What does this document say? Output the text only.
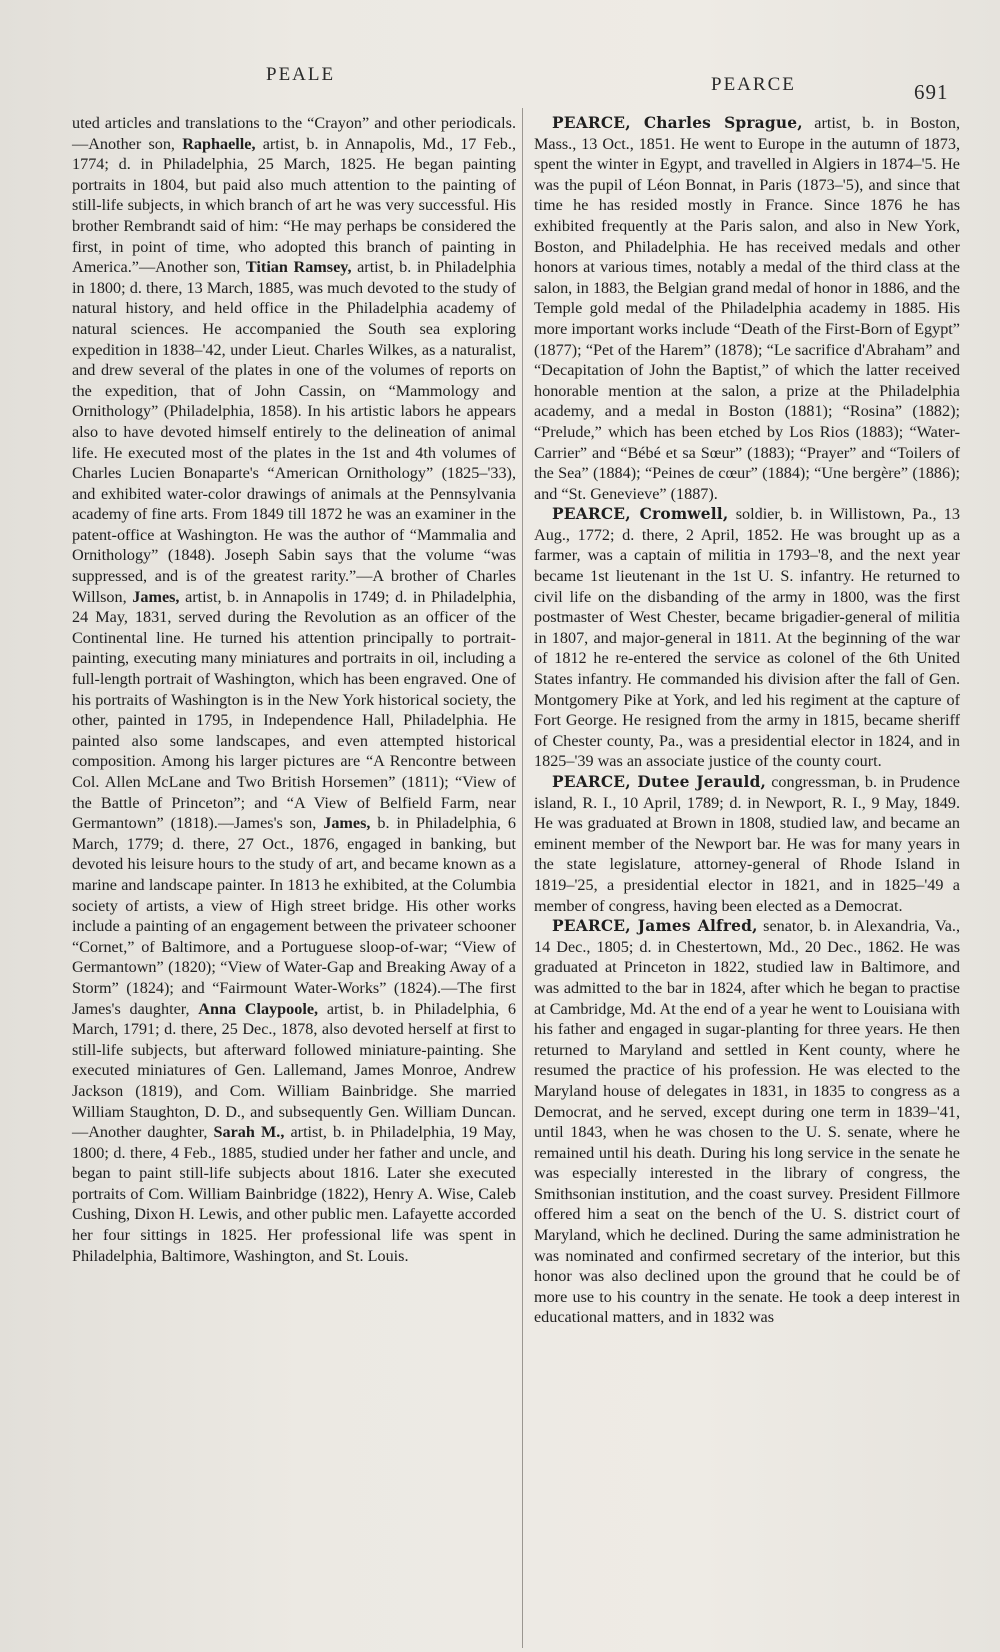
PEALE	PEARCE	691

uted articles and translations to the “Crayon” and other periodicals.—Another son, Raphaelle, artist, b. in Annapolis, Md., 17 Feb., 1774; d. in Philadelphia, 25 March, 1825. He began painting portraits in 1804, but paid also much attention to the painting of still-life subjects, in which branch of art he was very successful. His brother Rembrandt said of him: “He may perhaps be considered the first, in point of time, who adopted this branch of painting in America.”—Another son, Titian Ramsey, artist, b. in Philadelphia in 1800; d. there, 13 March, 1885, was much devoted to the study of natural history, and held office in the Philadelphia academy of natural sciences. He accompanied the South sea exploring expedition in 1838–'42, under Lieut. Charles Wilkes, as a naturalist, and drew several of the plates in one of the volumes of reports on the expedition, that of John Cassin, on “Mammology and Ornithology” (Philadelphia, 1858). In his artistic labors he appears also to have devoted himself entirely to the delineation of animal life. He executed most of the plates in the 1st and 4th volumes of Charles Lucien Bonaparte's “American Ornithology” (1825–'33), and exhibited water-color drawings of animals at the Pennsylvania academy of fine arts. From 1849 till 1872 he was an examiner in the patent-office at Washington. He was the author of “Mammalia and Ornithology” (1848). Joseph Sabin says that the volume “was suppressed, and is of the greatest rarity.”—A brother of Charles Willson, James, artist, b. in Annapolis in 1749; d. in Philadelphia, 24 May, 1831, served during the Revolution as an officer of the Continental line. He turned his attention principally to portrait-painting, executing many miniatures and portraits in oil, including a full-length portrait of Washington, which has been engraved. One of his portraits of Washington is in the New York historical society, the other, painted in 1795, in Independence Hall, Philadelphia. He painted also some landscapes, and even attempted historical composition. Among his larger pictures are “A Rencontre between Col. Allen McLane and Two British Horsemen” (1811); “View of the Battle of Princeton”; and “A View of Belfield Farm, near Germantown” (1818).—James's son, James, b. in Philadelphia, 6 March, 1779; d. there, 27 Oct., 1876, engaged in banking, but devoted his leisure hours to the study of art, and became known as a marine and landscape painter. In 1813 he exhibited, at the Columbia society of artists, a view of High street bridge. His other works include a painting of an engagement between the privateer schooner “Cornet,” of Baltimore, and a Portuguese sloop-of-war; “View of Germantown” (1820); “View of Water-Gap and Breaking Away of a Storm” (1824); and “Fairmount Water-Works” (1824).—The first James's daughter, Anna Claypoole, artist, b. in Philadelphia, 6 March, 1791; d. there, 25 Dec., 1878, also devoted herself at first to still-life subjects, but afterward followed miniature-painting. She executed miniatures of Gen. Lallemand, James Monroe, Andrew Jackson (1819), and Com. William Bainbridge. She married William Staughton, D. D., and subsequently Gen. William Duncan. —Another daughter, Sarah M., artist, b. in Philadelphia, 19 May, 1800; d. there, 4 Feb., 1885, studied under her father and uncle, and began to paint still-life subjects about 1816. Later she executed portraits of Com. William Bainbridge (1822), Henry A. Wise, Caleb Cushing, Dixon H. Lewis, and other public men. Lafayette accorded her four sittings in 1825. Her professional life was spent in Philadelphia, Baltimore, Washington, and St. Louis.

PEARCE, Charles Sprague, artist, b. in Boston, Mass., 13 Oct., 1851. He went to Europe in the autumn of 1873, spent the winter in Egypt, and travelled in Algiers in 1874–'5. He was the pupil of Léon Bonnat, in Paris (1873–'5), and since that time he has resided mostly in France. Since 1876 he has exhibited frequently at the Paris salon, and also in New York, Boston, and Philadelphia. He has received medals and other honors at various times, notably a medal of the third class at the salon, in 1883, the Belgian grand medal of honor in 1886, and the Temple gold medal of the Philadelphia academy in 1885. His more important works include “Death of the First-Born of Egypt” (1877); “Pet of the Harem” (1878); “Le sacrifice d'Abraham” and “Decapitation of John the Baptist,” of which the latter received honorable mention at the salon, a prize at the Philadelphia academy, and a medal in Boston (1881); “Rosina” (1882); “Prelude,” which has been etched by Los Rios (1883); “Water-Carrier” and “Bébé et sa Sœur” (1883); “Prayer” and “Toilers of the Sea” (1884); “Peines de cœur” (1884); “Une bergère” (1886); and “St. Genevieve” (1887).

PEARCE, Cromwell, soldier, b. in Willistown, Pa., 13 Aug., 1772; d. there, 2 April, 1852. He was brought up as a farmer, was a captain of militia in 1793–'8, and the next year became 1st lieutenant in the 1st U. S. infantry. He returned to civil life on the disbanding of the army in 1800, was the first postmaster of West Chester, became brigadier-general of militia in 1807, and major-general in 1811. At the beginning of the war of 1812 he re-entered the service as colonel of the 6th United States infantry. He commanded his division after the fall of Gen. Montgomery Pike at York, and led his regiment at the capture of Fort George. He resigned from the army in 1815, became sheriff of Chester county, Pa., was a presidential elector in 1824, and in 1825–'39 was an associate justice of the county court.

PEARCE, Dutee Jerauld, congressman, b. in Prudence island, R. I., 10 April, 1789; d. in Newport, R. I., 9 May, 1849. He was graduated at Brown in 1808, studied law, and became an eminent member of the Newport bar. He was for many years in the state legislature, attorney-general of Rhode Island in 1819–'25, a presidential elector in 1821, and in 1825–'49 a member of congress, having been elected as a Democrat.

PEARCE, James Alfred, senator, b. in Alexandria, Va., 14 Dec., 1805; d. in Chestertown, Md., 20 Dec., 1862. He was graduated at Princeton in 1822, studied law in Baltimore, and was admitted to the bar in 1824, after which he began to practise at Cambridge, Md. At the end of a year he went to Louisiana with his father and engaged in sugar-planting for three years. He then returned to Maryland and settled in Kent county, where he resumed the practice of his profession. He was elected to the Maryland house of delegates in 1831, in 1835 to congress as a Democrat, and he served, except during one term in 1839–'41, until 1843, when he was chosen to the U. S. senate, where he remained until his death. During his long service in the senate he was especially interested in the library of congress, the Smithsonian institution, and the coast survey. President Fillmore offered him a seat on the bench of the U. S. district court of Maryland, which he declined. During the same administration he was nominated and confirmed secretary of the interior, but this honor was also declined upon the ground that he could be of more use to his country in the senate. He took a deep interest in educational matters, and in 1832 was
